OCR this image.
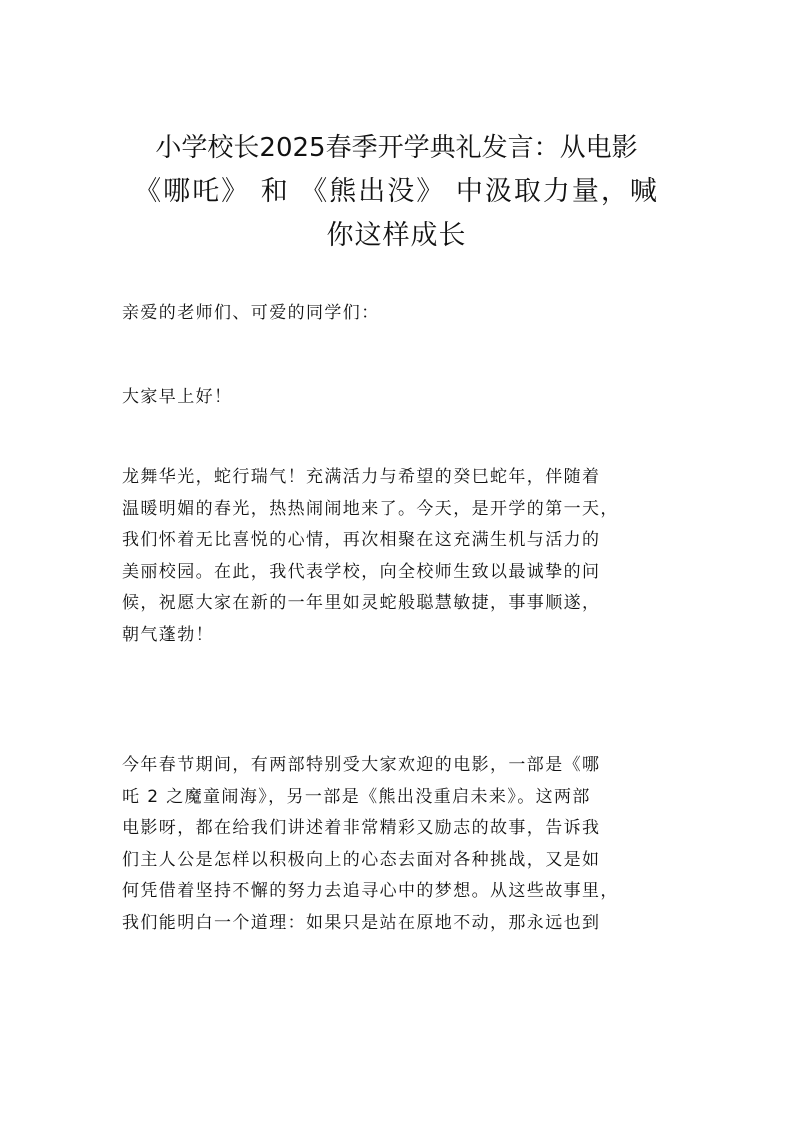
小学校长2025春季开学典礼发言：从电影
《哪吒》 和 《熊出没》 中汲取力量，喊
你这样成长

亲爱的老师们、可爱的同学们：

大家早上好！

龙舞华光，蛇行瑞气！充满活力与希望的癸巳蛇年，伴随着
温暖明媚的春光，热热闹闹地来了。今天，是开学的第一天，
我们怀着无比喜悦的心情，再次相聚在这充满生机与活力的
美丽校园。在此，我代表学校，向全校师生致以最诚挚的问
候，祝愿大家在新的一年里如灵蛇般聪慧敏捷，事事顺遂，
朝气蓬勃！

今年春节期间，有两部特别受大家欢迎的电影，一部是《哪
吒 2 之魔童闹海》，另一部是《熊出没重启未来》。这两部
电影呀，都在给我们讲述着非常精彩又励志的故事，告诉我
们主人公是怎样以积极向上的心态去面对各种挑战，又是如
何凭借着坚持不懈的努力去追寻心中的梦想。从这些故事里，
我们能明白一个道理：如果只是站在原地不动，那永远也到
